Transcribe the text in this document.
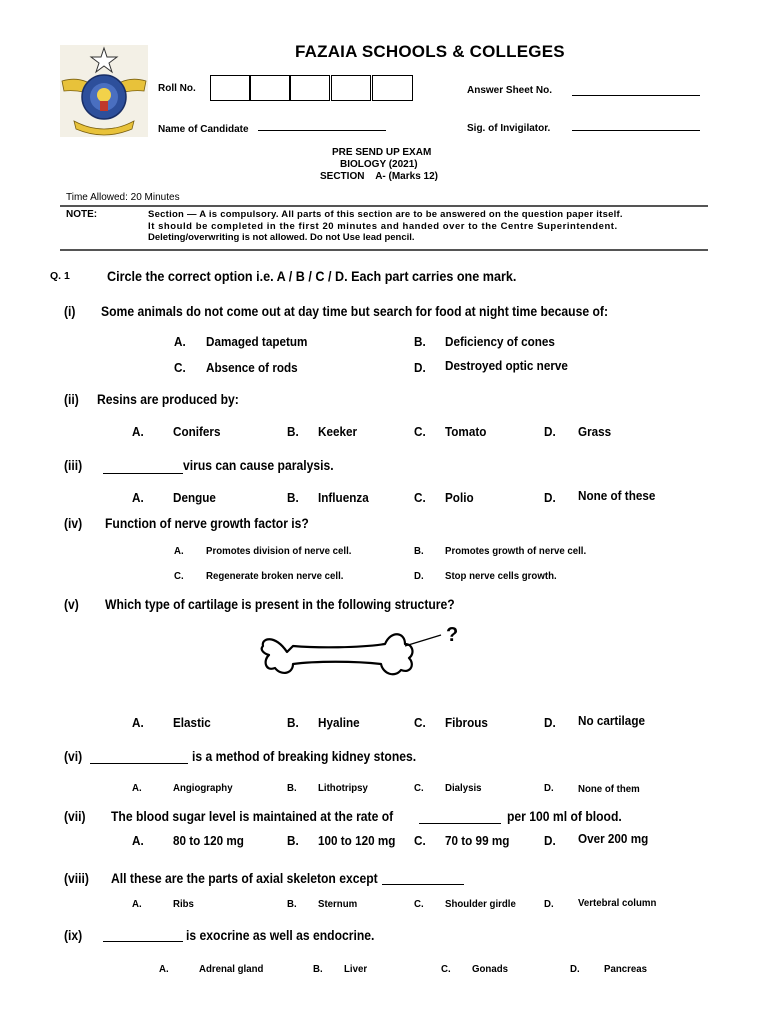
FAZAIA SCHOOLS & COLLEGES
Roll No.	Answer Sheet No.
Name of Candidate	Sig. of Invigilator.
PRE SEND UP EXAM
BIOLOGY (2021)
SECTION    A- (Marks 12)
Time Allowed: 20 Minutes
NOTE:	Section — A is compulsory. All parts of this section are to be answered on the question paper itself.
It should be completed in the first 20 minutes and handed over to the Centre Superintendent.
Deleting/overwriting is not allowed. Do not Use lead pencil.
Q. 1	Circle the correct option i.e. A / B / C / D. Each part carries one mark.
(i) Some animals do not come out at day time but search for food at night time because of:
A. Damaged tapetum	B. Deficiency of cones
C. Absence of rods	D. Destroyed optic nerve
(ii) Resins are produced by:
A. Conifers	B. Keeker	C. Tomato	D. Grass
(iii)	virus can cause paralysis.
A. Dengue	B. Influenza	C. Polio	D. None of these
(iv) Function of nerve growth factor is?
A. Promotes division of nerve cell.	B. Promotes growth of nerve cell.
C. Regenerate broken nerve cell.	D. Stop nerve cells growth.
(v) Which type of cartilage is present in the following structure?
?
A. Elastic	B. Hyaline	C. Fibrous	D. No cartilage
(vi)	is a method of breaking kidney stones.
A.	Angiography	B. Lithotripsy	C. Dialysis	D. None of them
(vii) The blood sugar level is maintained at the rate of	per 100 ml of blood.
A. 80 to 120 mg	B. 100 to 120 mg C. 70 to 99 mg	D. Over 200 mg
(viii) All these are the parts of axial skeleton except
A.	Ribs	B. Sternum	C. Shoulder girdle	D. Vertebral column
(ix)	is exocrine as well as endocrine.
A.	Adrenal gland	B. Liver	C. Gonads	D. Pancreas
